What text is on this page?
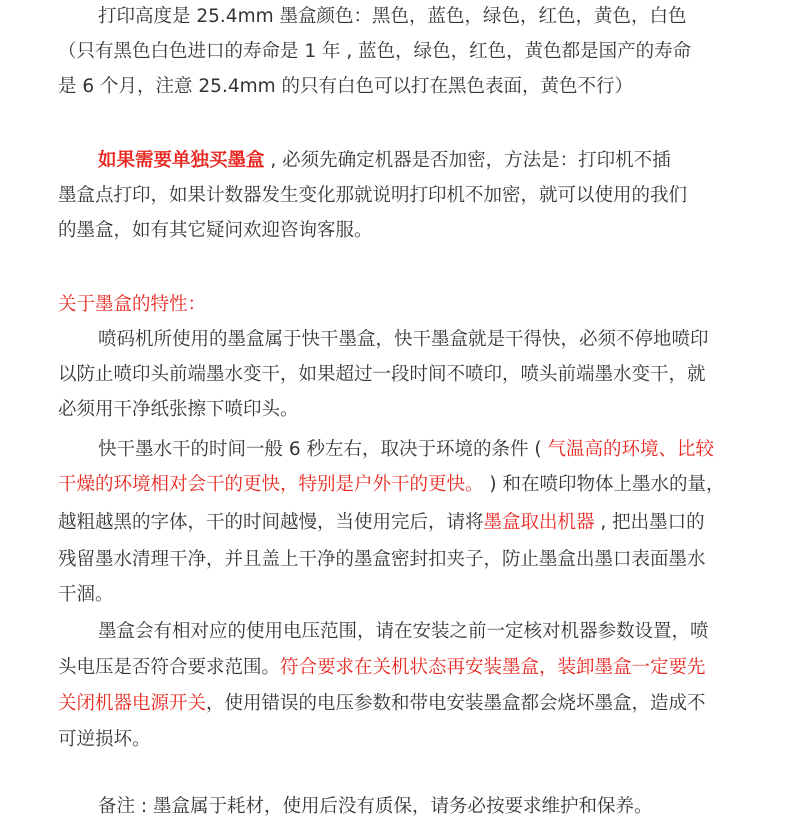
打印高度是 25.4mm 墨盒颜色：黑色，蓝色，绿色，红色，黄色，白色
（只有黑色白色进口的寿命是 1 年 , 蓝色，绿色，红色，黄色都是国产的寿命
是 6 个月，注意 25.4mm 的只有白色可以打在黑色表面，黄色不行）
如果需要单独买墨盒 , 必须先确定机器是否加密，方法是：打印机不插
墨盒点打印，如果计数器发生变化那就说明打印机不加密，就可以使用的我们
的墨盒，如有其它疑问欢迎咨询客服。
关于墨盒的特性：
喷码机所使用的墨盒属于快干墨盒，快干墨盒就是干得快，必须不停地喷印
以防止喷印头前端墨水变干，如果超过一段时间不喷印，喷头前端墨水变干，就
必须用干净纸张擦下喷印头。
快干墨水干的时间一般 6 秒左右，取决于环境的条件 ( 气温高的环境、比较
干燥的环境相对会干的更快，特别是户外干的更快。 ) 和在喷印物体上墨水的量，
越粗越黑的字体，干的时间越慢，当使用完后，请将墨盒取出机器 , 把出墨口的
残留墨水清理干净，并且盖上干净的墨盒密封扣夹子，防止墨盒出墨口表面墨水
干涸。
墨盒会有相对应的使用电压范围，请在安装之前一定核对机器参数设置，喷
头电压是否符合要求范围。符合要求在关机状态再安装墨盒，装卸墨盒一定要先
关闭机器电源开关，使用错误的电压参数和带电安装墨盒都会烧坏墨盒，造成不
可逆损坏。
备注 : 墨盒属于耗材，使用后没有质保，请务必按要求维护和保养。
